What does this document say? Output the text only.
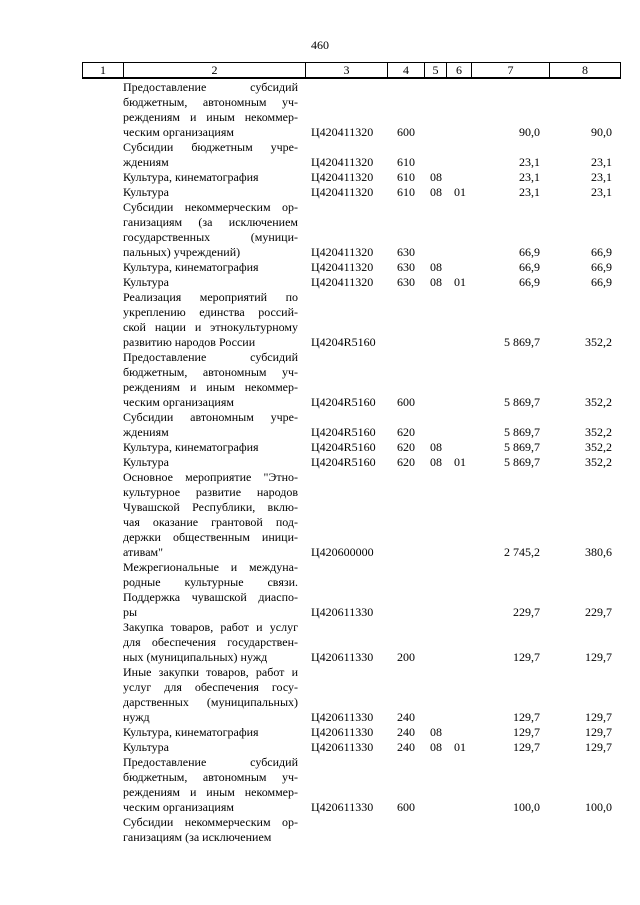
460
1	2	3	4	5	6	7	8
Предоставление субсидий
бюджетным, автономным уч-
реждениям и иным некоммер-
ческим организациям	Ц420411320 600	90,0	90,0
Субсидии бюджетным учре-
ждениям	Ц420411320 610	23,1	23,1
Культура, кинематография	Ц420411320 610 08	23,1	23,1
Культура	Ц420411320 610 08 01	23,1	23,1
Субсидии некоммерческим ор-
ганизациям (за исключением
государственных (муници-
пальных) учреждений)	Ц420411320 630	66,9	66,9
Культура, кинематография	Ц420411320 630 08	66,9	66,9
Культура	Ц420411320 630 08 01	66,9	66,9
Реализация мероприятий по
укреплению единства россий-
ской нации и этнокультурному
развитию народов России	Ц4204R5160	5 869,7	352,2
Предоставление субсидий
бюджетным, автономным уч-
реждениям и иным некоммер-
ческим организациям	Ц4204R5160 600	5 869,7	352,2
Субсидии автономным учре-
ждениям	Ц4204R5160 620	5 869,7	352,2
Культура, кинематография	Ц4204R5160 620 08	5 869,7	352,2
Культура	Ц4204R5160 620 08 01	5 869,7	352,2
Основное мероприятие "Этно-
культурное развитие народов
Чувашской Республики, вклю-
чая оказание грантовой под-
держки общественным иници-
ативам"	Ц420600000	2 745,2	380,6
Межрегиональные и междуна-
родные культурные связи.
Поддержка чувашской диаспо-
ры	Ц420611330	229,7	229,7
Закупка товаров, работ и услуг
для обеспечения государствен-
ных (муниципальных) нужд	Ц420611330 200	129,7	129,7
Иные закупки товаров, работ и
услуг для обеспечения госу-
дарственных (муниципальных)
нужд	Ц420611330 240	129,7	129,7
Культура, кинематография	Ц420611330 240 08	129,7	129,7
Культура	Ц420611330 240 08 01	129,7	129,7
Предоставление субсидий
бюджетным, автономным уч-
реждениям и иным некоммер-
ческим организациям	Ц420611330 600	100,0	100,0
Субсидии некоммерческим ор-
ганизациям (за исключением
